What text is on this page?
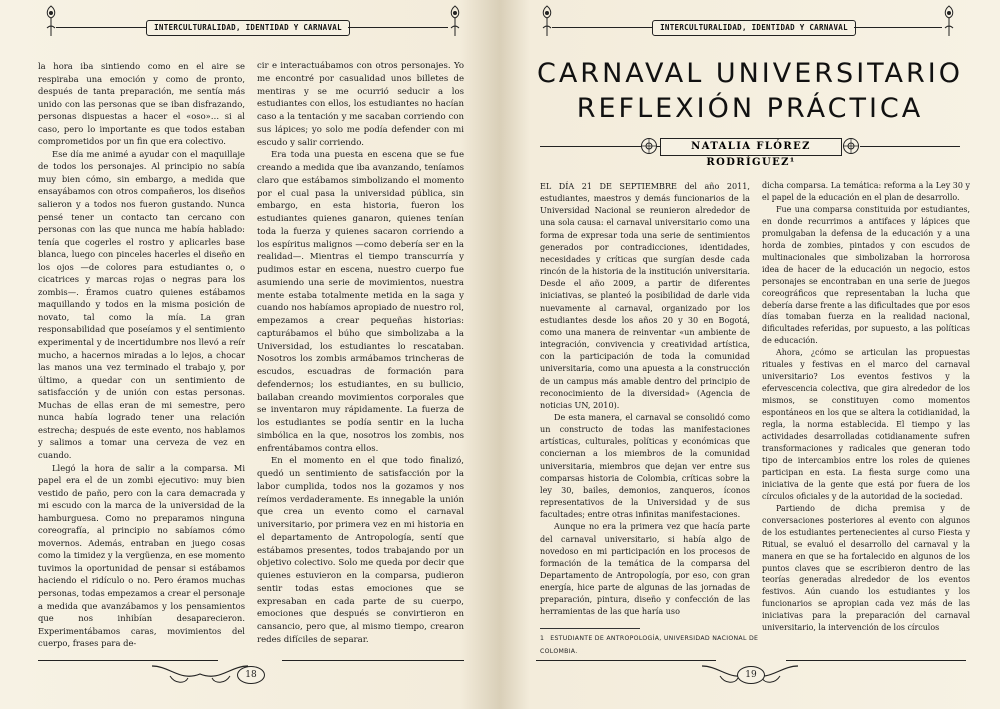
INTERCULTURALIDAD, IDENTIDAD Y CARNAVAL

la hora iba sintiendo como en el aire se respiraba una emoción y como de pronto, después de tanta preparación, me sentía más unido con las personas que se iban disfrazando, personas dispuestas a hacer el «oso»… si al caso, pero lo importante es que todos estaban comprometidos por un fin que era colectivo.

Ese día me animé a ayudar con el maquillaje de todos los personajes. Al principio no sabía muy bien cómo, sin embargo, a medida que ensayábamos con otros compañeros, los diseños salieron y a todos nos fueron gustando. Nunca pensé tener un contacto tan cercano con personas con las que nunca me había hablado: tenía que cogerles el rostro y aplicarles base blanca, luego con pinceles hacerles el diseño en los ojos —de colores para estudiantes o, o cicatrices y marcas rojas o negras para los zombis—. Éramos cuatro quienes estábamos maquillando y todos en la misma posición de novato, tal como la mía. La gran responsabilidad que poseíamos y el sentimiento experimental y de incertidumbre nos llevó a reír mucho, a hacernos miradas a lo lejos, a chocar las manos una vez terminado el trabajo y, por último, a quedar con un sentimiento de satisfacción y de unión con estas personas. Muchas de ellas eran de mi semestre, pero nunca había logrado tener una relación estrecha; después de este evento, nos hablamos y salimos a tomar una cerveza de vez en cuando.

Llegó la hora de salir a la comparsa. Mi papel era el de un zombi ejecutivo: muy bien vestido de paño, pero con la cara demacrada y mi escudo con la marca de la universidad de la hamburguesa. Como no preparamos ninguna coreografía, al principio no sabíamos cómo movernos. Además, entraban en juego cosas como la timidez y la vergüenza, en ese momento tuvimos la oportunidad de pensar si estábamos haciendo el ridículo o no. Pero éramos muchas personas, todas empezamos a crear el personaje a medida que avanzábamos y los pensamientos que nos inhibían desaparecieron. Experimentábamos caras, movimientos del cuerpo, frases para de-

cir e interactuábamos con otros personajes. Yo me encontré por casualidad unos billetes de mentiras y se me ocurrió seducir a los estudiantes con ellos, los estudiantes no hacían caso a la tentación y me sacaban corriendo con sus lápices; yo solo me podía defender con mi escudo y salir corriendo.

Era toda una puesta en escena que se fue creando a medida que iba avanzando, teníamos claro que estábamos simbolizando el momento por el cual pasa la universidad pública, sin embargo, en esta historia, fueron los estudiantes quienes ganaron, quienes tenían toda la fuerza y quienes sacaron corriendo a los espíritus malignos —como debería ser en la realidad—. Mientras el tiempo transcurría y pudimos estar en escena, nuestro cuerpo fue asumiendo una serie de movimientos, nuestra mente estaba totalmente metida en la saga y cuando nos habíamos apropiado de nuestro rol, empezamos a crear pequeñas historias: capturábamos el búho que simbolizaba a la Universidad, los estudiantes lo rescataban. Nosotros los zombis armábamos trincheras de escudos, escuadras de formación para defendernos; los estudiantes, en su bullicio, bailaban creando movimientos corporales que se inventaron muy rápidamente. La fuerza de los estudiantes se podía sentir en la lucha simbólica en la que, nosotros los zombis, nos enfrentábamos contra ellos.

En el momento en el que todo finalizó, quedó un sentimiento de satisfacción por la labor cumplida, todos nos la gozamos y nos reímos verdaderamente. Es innegable la unión que crea un evento como el carnaval universitario, por primera vez en mi historia en el departamento de Antropología, sentí que estábamos presentes, todos trabajando por un objetivo colectivo. Solo me queda por decir que quienes estuvieron en la comparsa, pudieron sentir todas estas emociones que se expresaban en cada parte de su cuerpo, emociones que después se convirtieron en cansancio, pero que, al mismo tiempo, crearon redes difíciles de separar.

18
INTERCULTURALIDAD, IDENTIDAD Y CARNAVAL
CARNAVAL UNIVERSITARIO
REFLEXIÓN PRÁCTICA
NATALIA FLÓREZ RODRÍGUEZ¹

EL DÍA 21 DE SEPTIEMBRE del año 2011, estudiantes, maestros y demás funcionarios de la Universidad Nacional se reunieron alrededor de una sola causa: el carnaval universitario como una forma de expresar toda una serie de sentimientos generados por contradicciones, identidades, necesidades y críticas que surgían desde cada rincón de la historia de la institución universitaria. Desde el año 2009, a partir de diferentes iniciativas, se planteó la posibilidad de darle vida nuevamente al carnaval, organizado por los estudiantes desde los años 20 y 30 en Bogotá, como una manera de reinventar «un ambiente de integración, convivencia y creatividad artística, con la participación de toda la comunidad universitaria, como una apuesta a la construcción de un campus más amable dentro del principio de reconocimiento de la diversidad» (Agencia de noticias UN, 2010).

De esta manera, el carnaval se consolidó como un constructo de todas las manifestaciones artísticas, culturales, políticas y económicas que conciernan a los miembros de la comunidad universitaria, miembros que dejan ver entre sus comparsas historia de Colombia, críticas sobre la ley 30, bailes, demonios, zanqueros, íconos representativos de la Universidad y de sus facultades; entre otras infinitas manifestaciones.

Aunque no era la primera vez que hacía parte del carnaval universitario, si había algo de novedoso en mi participación en los procesos de formación de la temática de la comparsa del Departamento de Antropología, por eso, con gran energía, hice parte de algunas de las jornadas de preparación, pintura, diseño y confección de las herramientas de las que haría uso

1 ESTUDIANTE DE ANTROPOLOGÍA, UNIVERSIDAD NACIONAL DE COLOMBIA.

dicha comparsa. La temática: reforma a la Ley 30 y el papel de la educación en el plan de desarrollo.

Fue una comparsa constituida por estudiantes, en donde recurrimos a antifaces y lápices que promulgaban la defensa de la educación y a una horda de zombies, pintados y con escudos de multinacionales que simbolizaban la horrorosa idea de hacer de la educación un negocio, estos personajes se encontraban en una serie de juegos coreográficos que representaban la lucha que debería darse frente a las dificultades que por esos días tomaban fuerza en la realidad nacional, dificultades referidas, por supuesto, a las políticas de educación.

Ahora, ¿cómo se articulan las propuestas rituales y festivas en el marco del carnaval universitario? Los eventos festivos y la efervescencia colectiva, que gira alrededor de los mismos, se constituyen como momentos espontáneos en los que se altera la cotidianidad, la regla, la norma establecida. El tiempo y las actividades desarrolladas cotidianamente sufren transformaciones y radicales que generan todo tipo de intercambios entre los roles de quienes participan en esta. La fiesta surge como una iniciativa de la gente que está por fuera de los círculos oficiales y de la autoridad de la sociedad.

Partiendo de dicha premisa y de conversaciones posteriores al evento con algunos de los estudiantes pertenecientes al curso Fiesta y Ritual, se evaluó el desarrollo del carnaval y la manera en que se ha fortalecido en algunos de los puntos claves que se escribieron dentro de las teorías generadas alrededor de los eventos festivos. Aún cuando los estudiantes y los funcionarios se apropian cada vez más de las iniciativas para la preparación del carnaval universitario, la intervención de los círculos

19
